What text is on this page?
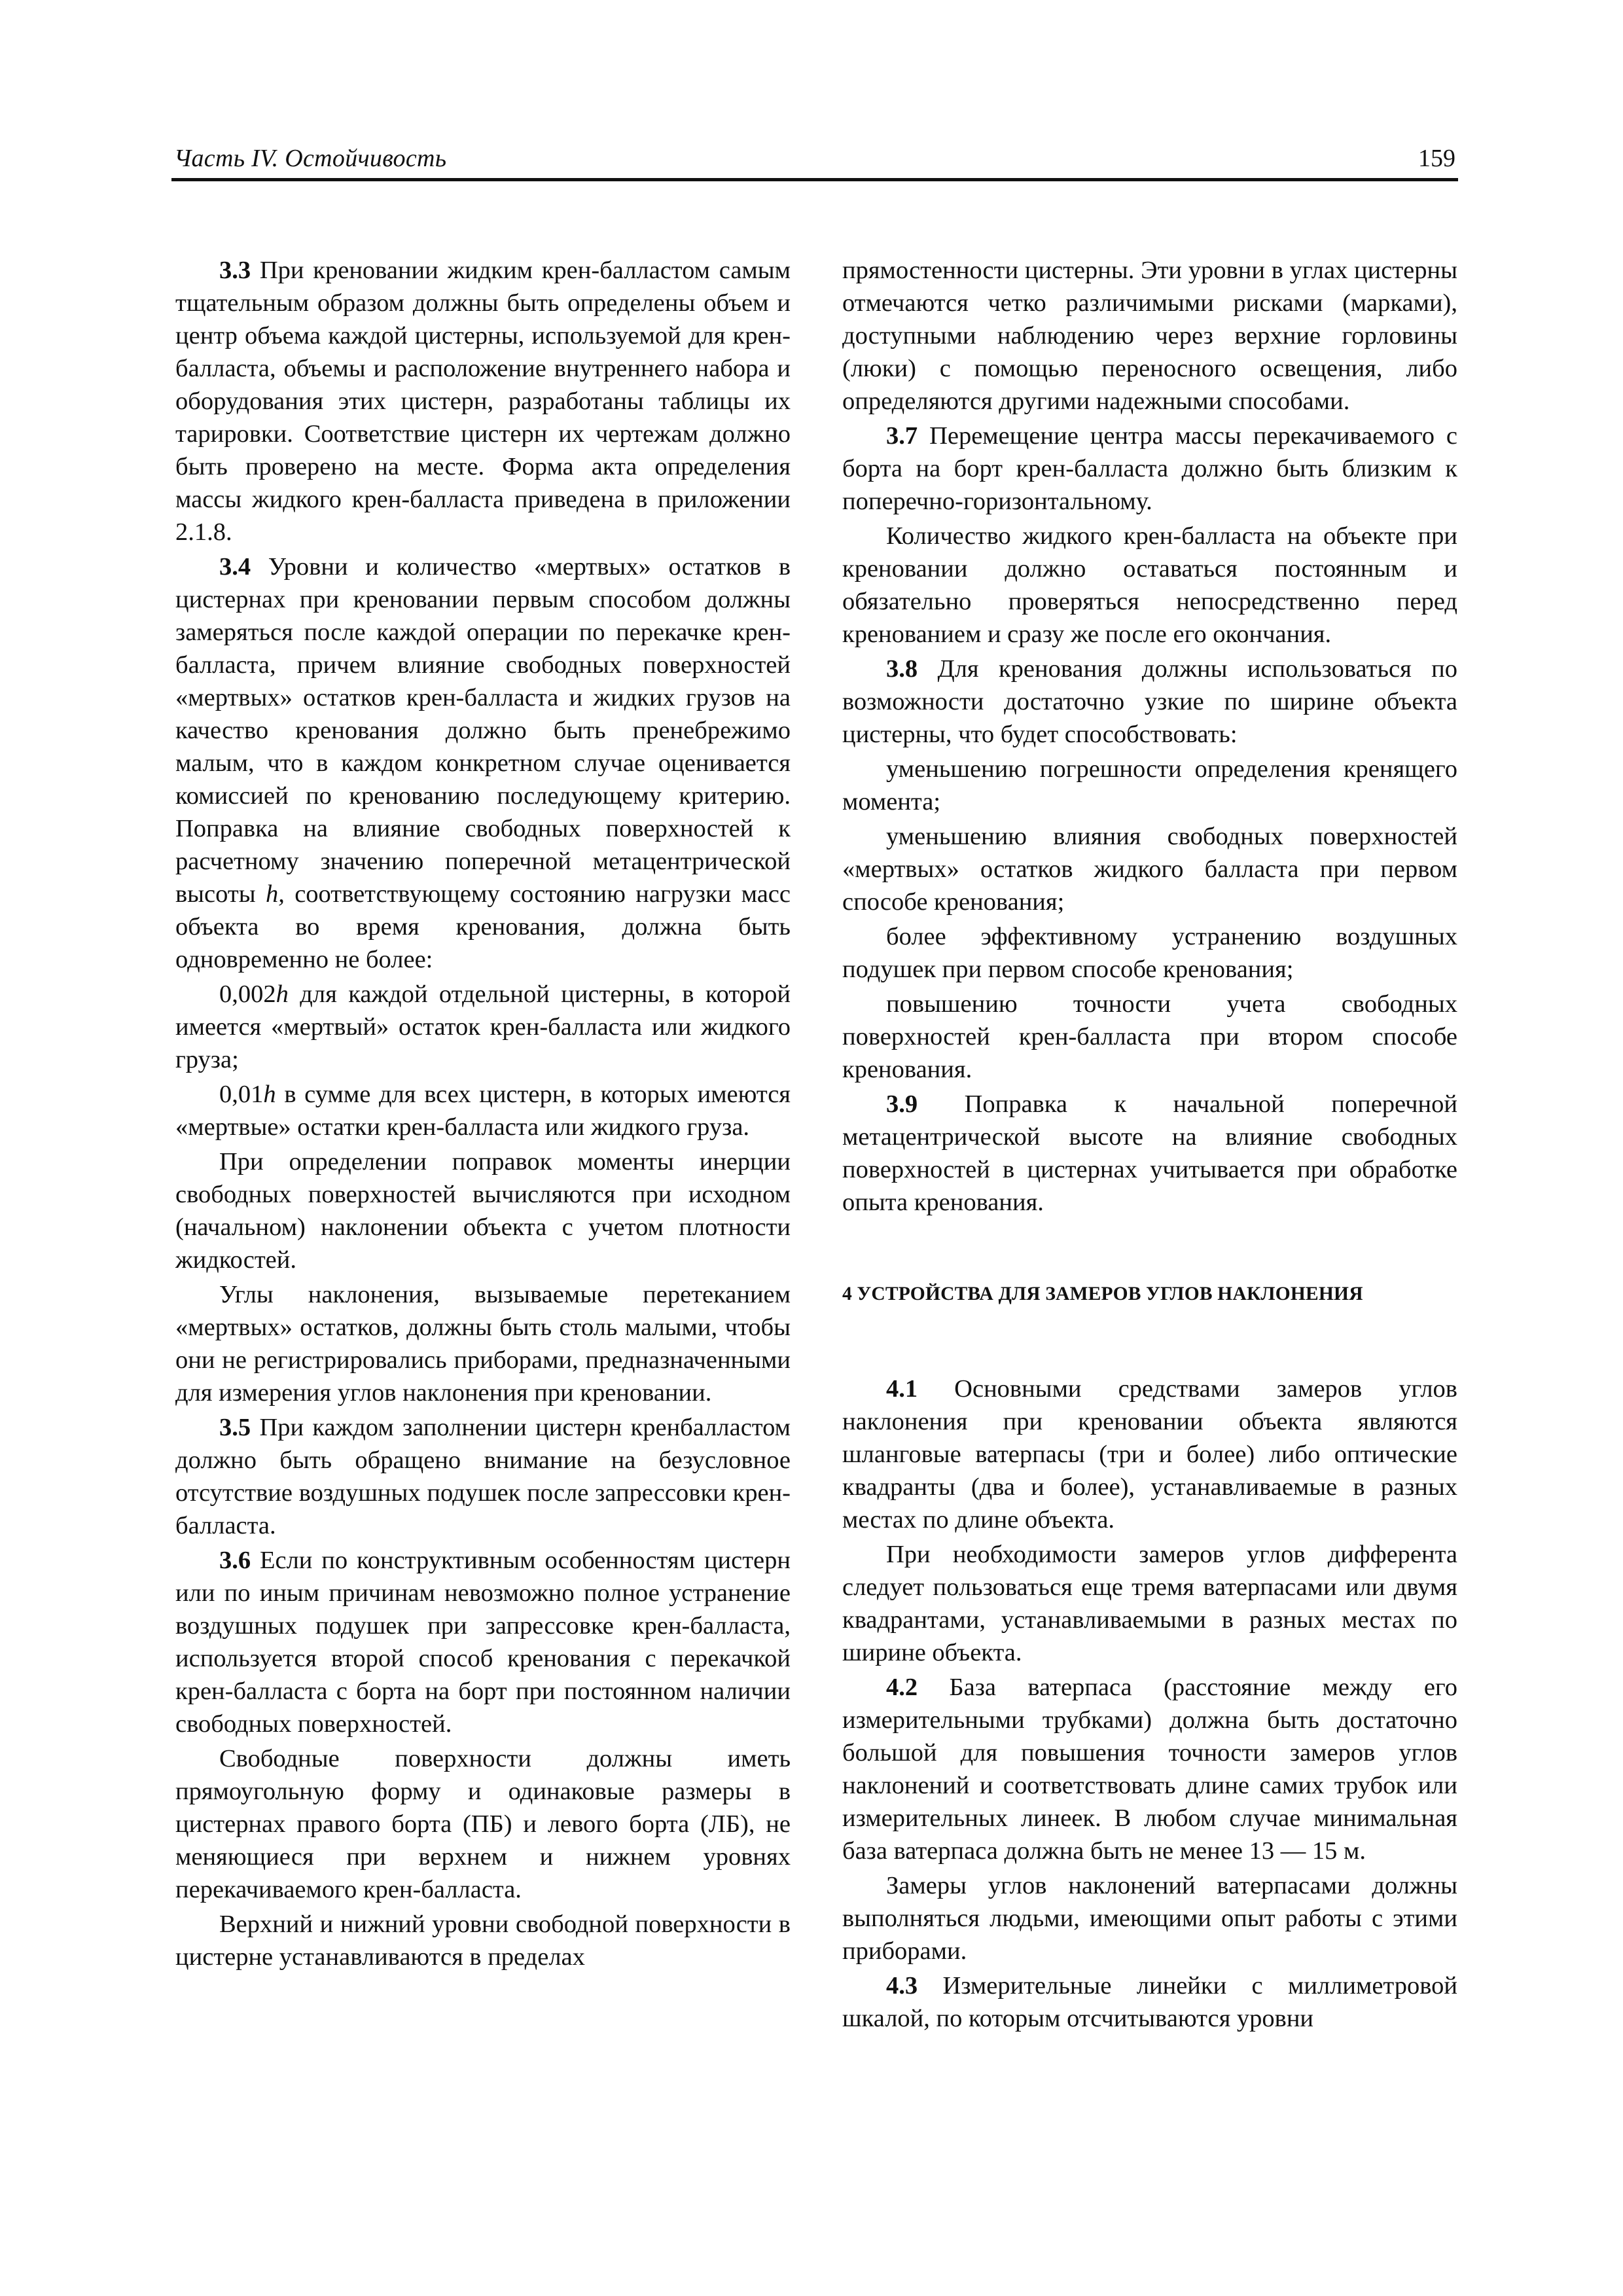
Часть IV. Остойчивость	159

3.3 При креновании жидким крен-балластом самым тщательным образом должны быть определены объем и центр объема каждой цистерны, используемой для крен-балласта, объемы и расположение внутреннего набора и оборудования этих цистерн, разработаны таблицы их тарировки. Соответствие цистерн их чертежам должно быть проверено на месте. Форма акта определения массы жидкого крен-балласта приведена в приложении 2.1.8.

3.4 Уровни и количество «мертвых» остатков в цистернах при креновании первым способом должны замеряться после каждой операции по перекачке крен-балласта, причем влияние свободных поверхностей «мертвых» остатков крен-балласта и жидких грузов на качество кренования должно быть пренебрежимо малым, что в каждом конкретном случае оценивается комиссией по кренованию последующему критерию. Поправка на влияние свободных поверхностей к расчетному значению поперечной метацентрической высоты h, соответствующему состоянию нагрузки масс объекта во время кренования, должна быть одновременно не более:

0,002h для каждой отдельной цистерны, в которой имеется «мертвый» остаток крен-балласта или жидкого груза;

0,01h в сумме для всех цистерн, в которых имеются «мертвые» остатки крен-балласта или жидкого груза.

При определении поправок моменты инерции свободных поверхностей вычисляются при исходном (начальном) наклонении объекта с учетом плотности жидкостей.

Углы наклонения, вызываемые перетеканием «мертвых» остатков, должны быть столь малыми, чтобы они не регистрировались приборами, предназначенными для измерения углов наклонения при креновании.

3.5 При каждом заполнении цистерн кренбалластом должно быть обращено внимание на безусловное отсутствие воздушных подушек после запрессовки крен-балласта.

3.6 Если по конструктивным особенностям цистерн или по иным причинам невозможно полное устранение воздушных подушек при запрессовке крен-балласта, используется второй способ кренования с перекачкой крен-балласта с борта на борт при постоянном наличии свободных поверхностей.

Свободные поверхности должны иметь прямоугольную форму и одинаковые размеры в цистернах правого борта (ПБ) и левого борта (ЛБ), не меняющиеся при верхнем и нижнем уровнях перекачиваемого крен-балласта.

Верхний и нижний уровни свободной поверхности в цистерне устанавливаются в пределах

прямостенности цистерны. Эти уровни в углах цистерны отмечаются четко различимыми рисками (марками), доступными наблюдению через верхние горловины (люки) с помощью переносного освещения, либо определяются другими надежными способами.

3.7 Перемещение центра массы перекачиваемого с борта на борт крен-балласта должно быть близким к поперечно-горизонтальному.

Количество жидкого крен-балласта на объекте при креновании должно оставаться постоянным и обязательно проверяться непосредственно перед кренованием и сразу же после его окончания.

3.8 Для кренования должны использоваться по возможности достаточно узкие по ширине объекта цистерны, что будет способствовать:

уменьшению погрешности определения кренящего момента;

уменьшению влияния свободных поверхностей «мертвых» остатков жидкого балласта при первом способе кренования;

более эффективному устранению воздушных подушек при первом способе кренования;

повышению точности учета свободных поверхностей крен-балласта при втором способе кренования.

3.9 Поправка к начальной поперечной метацентрической высоте на влияние свободных поверхностей в цистернах учитывается при обработке опыта кренования.

4 УСТРОЙСТВА ДЛЯ ЗАМЕРОВ УГЛОВ НАКЛОНЕНИЯ

4.1 Основными средствами замеров углов наклонения при креновании объекта являются шланговые ватерпасы (три и более) либо оптические квадранты (два и более), устанавливаемые в разных местах по длине объекта.

При необходимости замеров углов дифферента следует пользоваться еще тремя ватерпасами или двумя квадрантами, устанавливаемыми в разных местах по ширине объекта.

4.2 База ватерпаса (расстояние между его измерительными трубками) должна быть достаточно большой для повышения точности замеров углов наклонений и соответствовать длине самих трубок или измерительных линеек. В любом случае минимальная база ватерпаса должна быть не менее 13 — 15 м.

Замеры углов наклонений ватерпасами должны выполняться людьми, имеющими опыт работы с этими приборами.

4.3 Измерительные линейки с миллиметровой шкалой, по которым отсчитываются уровни
